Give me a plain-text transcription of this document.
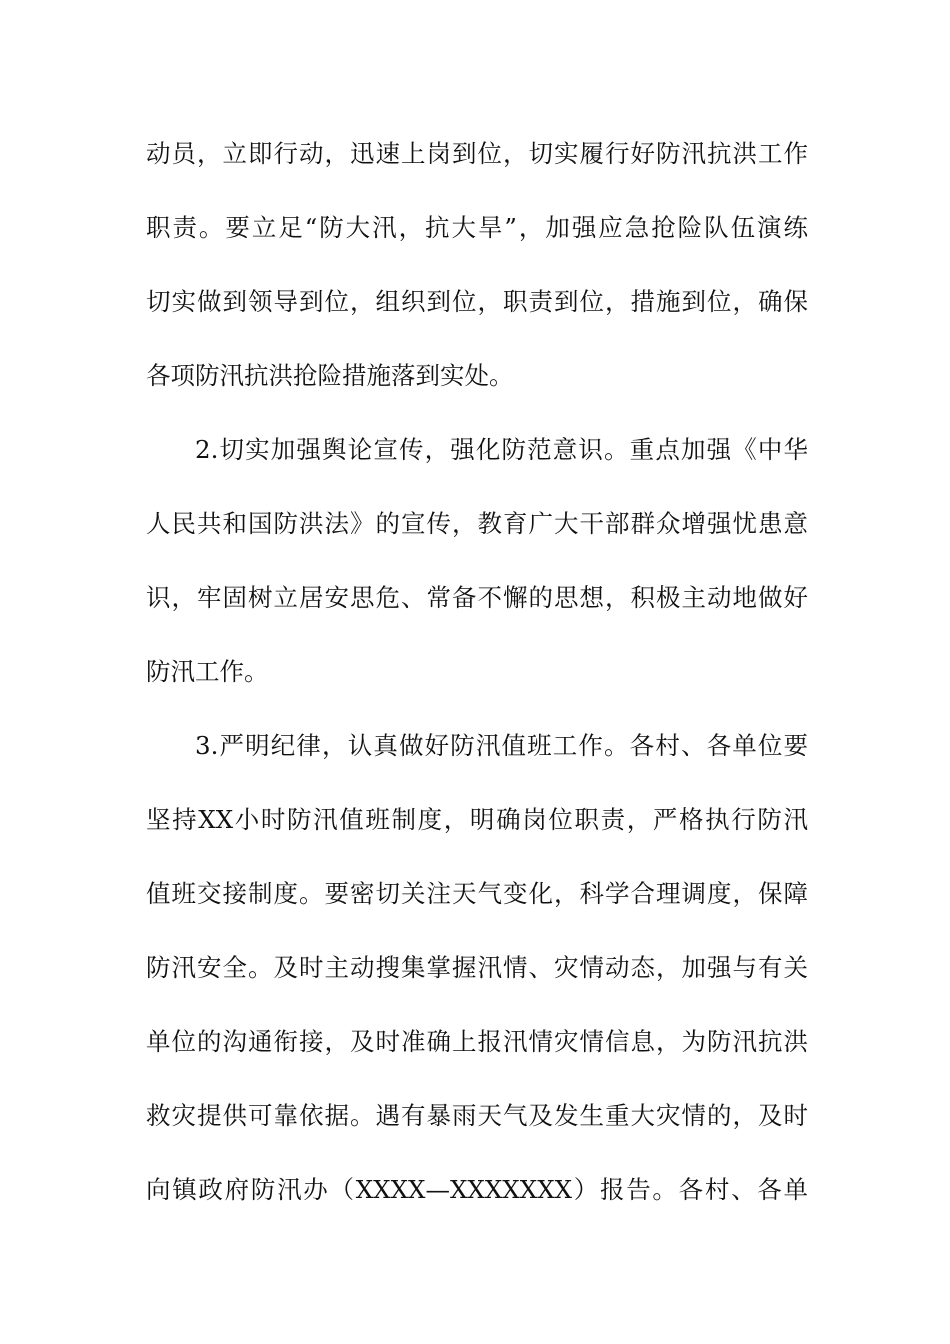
动员，立即行动，迅速上岗到位，切实履行好防汛抗洪工作
职责。要立足“防大汛，抗大旱”，加强应急抢险队伍演练
切实做到领导到位，组织到位，职责到位，措施到位，确保
各项防汛抗洪抢险措施落到实处。
2.切实加强舆论宣传，强化防范意识。重点加强《中华
人民共和国防洪法》的宣传，教育广大干部群众增强忧患意
识，牢固树立居安思危、常备不懈的思想，积极主动地做好
防汛工作。
3.严明纪律，认真做好防汛值班工作。各村、各单位要
坚持XX小时防汛值班制度，明确岗位职责，严格执行防汛
值班交接制度。要密切关注天气变化，科学合理调度，保障
防汛安全。及时主动搜集掌握汛情、灾情动态，加强与有关
单位的沟通衔接，及时准确上报汛情灾情信息，为防汛抗洪
救灾提供可靠依据。遇有暴雨天气及发生重大灾情的，及时
向镇政府防汛办（XXXX—XXXXXXX）报告。各村、各单
